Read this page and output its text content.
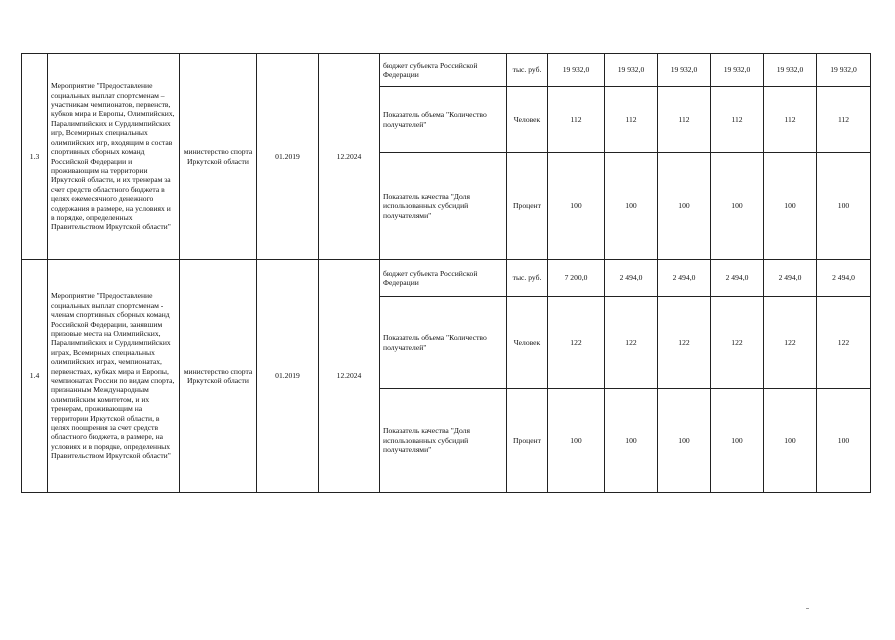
1.3	Мероприятие "Предоставление социальных выплат спортсменам – участникам чемпионатов, первенств, кубков мира и Европы, Олимпийских, Паралимпийских и Сурдлимпийских игр, Всемирных специальных олимпийских игр, входящим в состав спортивных сборных команд Российской Федерации и проживающим на территории Иркутской области, и их тренерам за счет средств областного бюджета в целях ежемесячного денежного содержания в размере, на условиях и в порядке, определенных Правительством Иркутской области"	министерство спорта Иркутской области	01.2019	12.2024	бюджет субъекта Российской Федерации	тыс. руб.	19 932,0	19 932,0	19 932,0	19 932,0	19 932,0	19 932,0
					Показатель объема "Количество получателей"	Человек	112	112	112	112	112	112
					Показатель качества "Доля использованных субсидий получателями"	Процент	100	100	100	100	100	100
1.4	Мероприятие "Предоставление социальных выплат спортсменам - членам спортивных сборных команд Российской Федерации, занявшим призовые места на Олимпийских, Паралимпийских и Сурдлимпийских играх, Всемирных специальных олимпийских играх, чемпионатах, первенствах, кубках мира и Европы, чемпионатах России по видам спорта, признанным Международным олимпийским комитетом, и их тренерам, проживающим на территории Иркутской области, в целях поощрения за счет средств областного бюджета, в размере, на условиях и в порядке, определенных Правительством Иркутской области"	министерство спорта Иркутской области	01.2019	12.2024	бюджет субъекта Российской Федерации	тыс. руб.	7 200,0	2 494,0	2 494,0	2 494,0	2 494,0	2 494,0
					Показатель объема "Количество получателей"	Человек	122	122	122	122	122	122
					Показатель качества "Доля использованных субсидий получателями"	Процент	100	100	100	100	100	100
